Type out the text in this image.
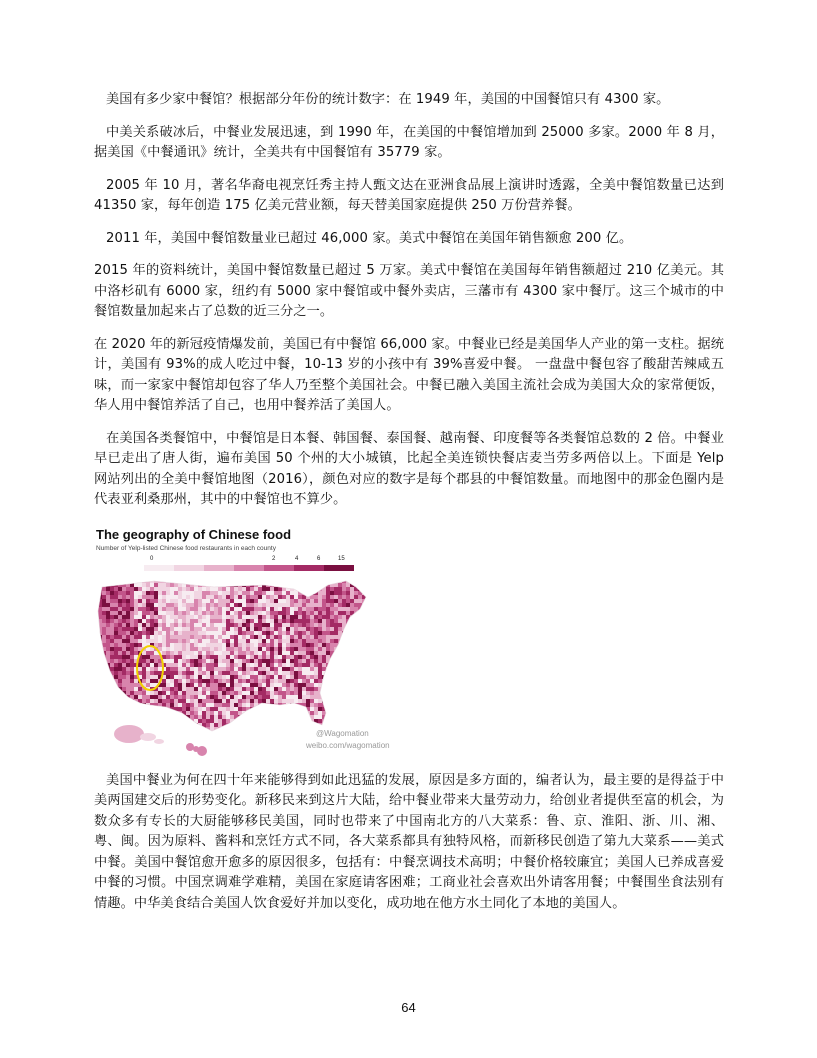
美国有多少家中餐馆？根据部分年份的统计数字：在 1949 年，美国的中国餐馆只有 4300 家。

中美关系破冰后，中餐业发展迅速，到 1990 年，在美国的中餐馆增加到 25000 多家。2000 年 8 月，据美国《中餐通讯》统计，全美共有中国餐馆有 35779 家。

2005 年 10 月，著名华裔电视烹饪秀主持人甄文达在亚洲食品展上演讲时透露，全美中餐馆数量已达到 41350 家，每年创造 175 亿美元营业额，每天替美国家庭提供 250 万份营养餐。

2011 年，美国中餐馆数量业已超过 46,000 家。美式中餐馆在美国年销售额愈 200 亿。

2015 年的资料统计，美国中餐馆数量已超过 5 万家。美式中餐馆在美国每年销售额超过 210 亿美元。其中洛杉矶有 6000 家，纽约有 5000 家中餐馆或中餐外卖店，三藩市有 4300 家中餐厅。这三个城市的中餐馆数量加起来占了总数的近三分之一。

在 2020 年的新冠疫情爆发前，美国已有中餐馆 66,000 家。中餐业已经是美国华人产业的第一支柱。据统计，美国有 93%的成人吃过中餐，10-13 岁的小孩中有 39%喜爱中餐。 一盘盘中餐包容了酸甜苦辣咸五味，而一家家中餐馆却包容了华人乃至整个美国社会。中餐已融入美国主流社会成为美国大众的家常便饭，华人用中餐馆养活了自己，也用中餐养活了美国人。

在美国各类餐馆中，中餐馆是日本餐、韩国餐、泰国餐、越南餐、印度餐等各类餐馆总数的 2 倍。中餐业早已走出了唐人街，遍布美国 50 个州的大小城镇，比起全美连锁快餐店麦当劳多两倍以上。下面是 Yelp 网站列出的全美中餐馆地图（2016），颜色对应的数字是每个郡县的中餐馆数量。而地图中的那金色圈内是代表亚利桑那州，其中的中餐馆也不算少。

The geography of Chinese food
Number of Yelp-listed Chinese food restaurants in each county
0	2	4	6	15
@Wagomation
weibo.com/wagomation

美国中餐业为何在四十年来能够得到如此迅猛的发展，原因是多方面的，编者认为，最主要的是得益于中美两国建交后的形势变化。新移民来到这片大陆，给中餐业带来大量劳动力，给创业者提供至富的机会，为数众多有专长的大厨能够移民美国，同时也带来了中国南北方的八大菜系：鲁、京、淮阳、浙、川、湘、粤、闽。因为原料、酱料和烹饪方式不同，各大菜系都具有独特风格，而新移民创造了第九大菜系——美式中餐。美国中餐馆愈开愈多的原因很多，包括有：中餐烹调技术高明；中餐价格较廉宜；美国人已养成喜爱中餐的习惯。中国烹调难学难精，美国在家庭请客困难；工商业社会喜欢出外请客用餐；中餐围坐食法别有情趣。中华美食结合美国人饮食爱好并加以变化，成功地在他方水土同化了本地的美国人。

64
